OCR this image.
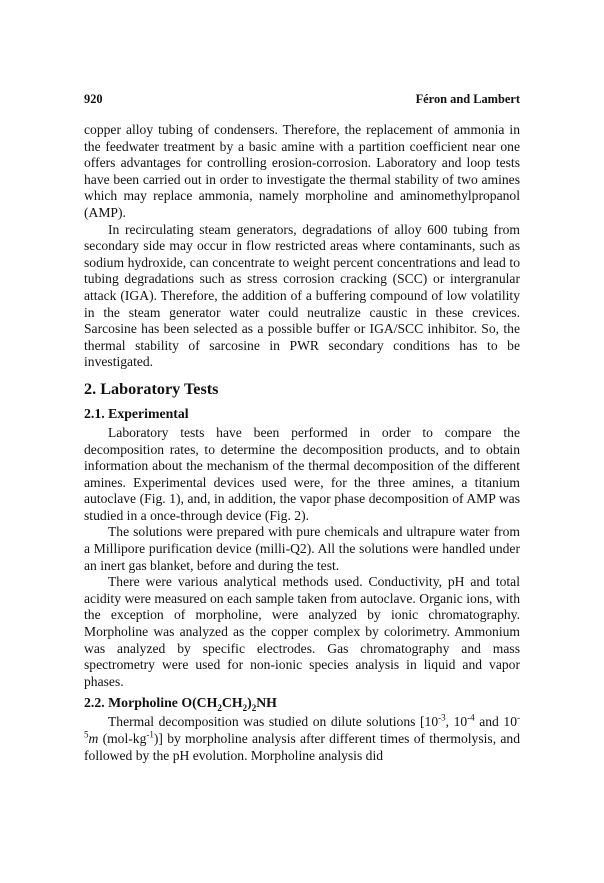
920	Féron and Lambert

copper alloy tubing of condensers. Therefore, the replacement of ammonia in the feedwater treatment by a basic amine with a partition coefficient near one offers advantages for controlling erosion-corrosion. Laboratory and loop tests have been carried out in order to investigate the thermal stability of two amines which may replace ammonia, namely morpholine and aminomethylpropanol (AMP).

In recirculating steam generators, degradations of alloy 600 tubing from secondary side may occur in flow restricted areas where contaminants, such as sodium hydroxide, can concentrate to weight percent concentrations and lead to tubing degradations such as stress corrosion cracking (SCC) or intergranular attack (IGA). Therefore, the addition of a buffering compound of low volatility in the steam generator water could neutralize caustic in these crevices. Sarcosine has been selected as a possible buffer or IGA/SCC inhibitor. So, the thermal stability of sarcosine in PWR secondary conditions has to be investigated.

2. Laboratory Tests
2.1. Experimental

Laboratory tests have been performed in order to compare the decomposition rates, to determine the decomposition products, and to obtain information about the mechanism of the thermal decomposition of the different amines. Experimental devices used were, for the three amines, a titanium autoclave (Fig. 1), and, in addition, the vapor phase decomposition of AMP was studied in a once-through device (Fig. 2).

The solutions were prepared with pure chemicals and ultrapure water from a Millipore purification device (milli-Q2). All the solutions were handled under an inert gas blanket, before and during the test.

There were various analytical methods used. Conductivity, pH and total acidity were measured on each sample taken from autoclave. Organic ions, with the exception of morpholine, were analyzed by ionic chromatography. Morpholine was analyzed as the copper complex by colorimetry. Ammonium was analyzed by specific electrodes. Gas chromatography and mass spectrometry were used for non-ionic species analysis in liquid and vapor phases.

2.2. Morpholine $O(CH_2CH_2)_2NH$

Thermal decomposition was studied on dilute solutions [$10^{-3}$, $10^{-4}$ and $10^{-5}m$ $(mol-kg^{-1})$] by morpholine analysis after different times of thermolysis, and followed by the pH evolution. Morpholine analysis did
